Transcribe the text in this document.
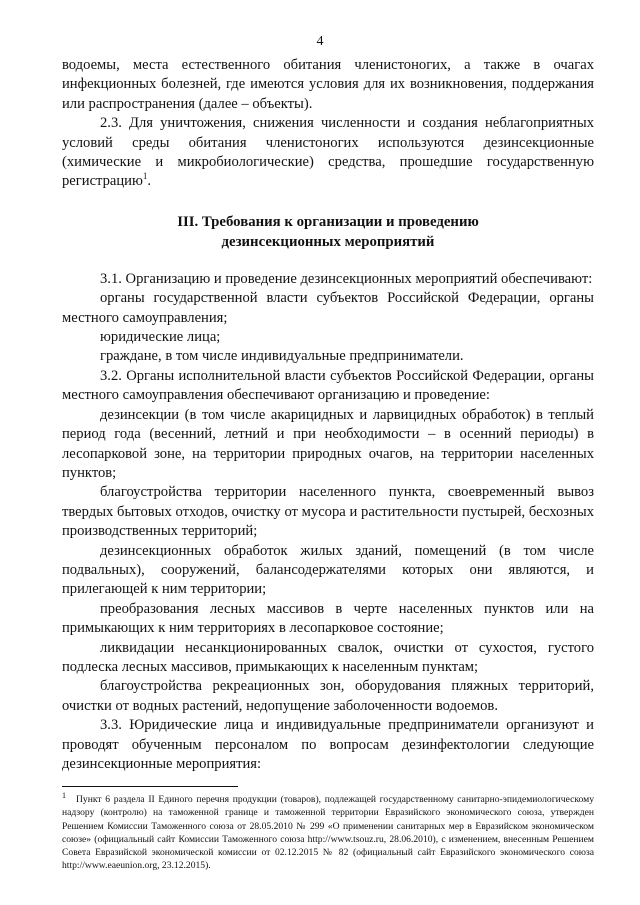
4

водоемы, места естественного обитания членистоногих, а также в очагах инфекционных болезней, где имеются условия для их возникновения, поддержания или распространения (далее – объекты).

2.3. Для уничтожения, снижения численности и создания неблагоприятных условий среды обитания членистоногих используются дезинсекционные (химические и микробиологические) средства, прошедшие государственную регистрацию$^1$.

III. Требования к организации и проведению
дезинсекционных мероприятий

3.1. Организацию и проведение дезинсекционных мероприятий обеспечивают:

органы государственной власти субъектов Российской Федерации, органы местного самоуправления;

юридические лица;

граждане, в том числе индивидуальные предприниматели.

3.2. Органы исполнительной власти субъектов Российской Федерации, органы местного самоуправления обеспечивают организацию и проведение:

дезинсекции (в том числе акарицидных и ларвицидных обработок) в теплый период года (весенний, летний и при необходимости – в осенний периоды) в лесопарковой зоне, на территории природных очагов, на территории населенных пунктов;

благоустройства территории населенного пункта, своевременный вывоз твердых бытовых отходов, очистку от мусора и растительности пустырей, бесхозных производственных территорий;

дезинсекционных обработок жилых зданий, помещений (в том числе подвальных), сооружений, балансодержателями которых они являются, и прилегающей к ним территории;

преобразования лесных массивов в черте населенных пунктов или на примыкающих к ним территориях в лесопарковое состояние;

ликвидации несанкционированных свалок, очистки от сухостоя, густого подлеска лесных массивов, примыкающих к населенным пунктам;

благоустройства рекреационных зон, оборудования пляжных территорий, очистки от водных растений, недопущение заболоченности водоемов.

3.3. Юридические лица и индивидуальные предприниматели организуют и проводят обученным персоналом по вопросам дезинфектологии следующие дезинсекционные мероприятия:

$^1$ Пункт 6 раздела II Единого перечня продукции (товаров), подлежащей государственному санитарно-эпидемиологическому надзору (контролю) на таможенной границе и таможенной территории Евразийского экономического союза, утвержден Решением Комиссии Таможенного союза от 28.05.2010 № 299 «О применении санитарных мер в Евразийском экономическом союзе» (официальный сайт Комиссии Таможенного союза http://www.tsouz.ru, 28.06.2010), с изменением, внесенным Решением Совета Евразийской экономической комиссии от 02.12.2015 № 82 (официальный сайт Евразийского экономического союза http://www.eaeunion.org, 23.12.2015).
